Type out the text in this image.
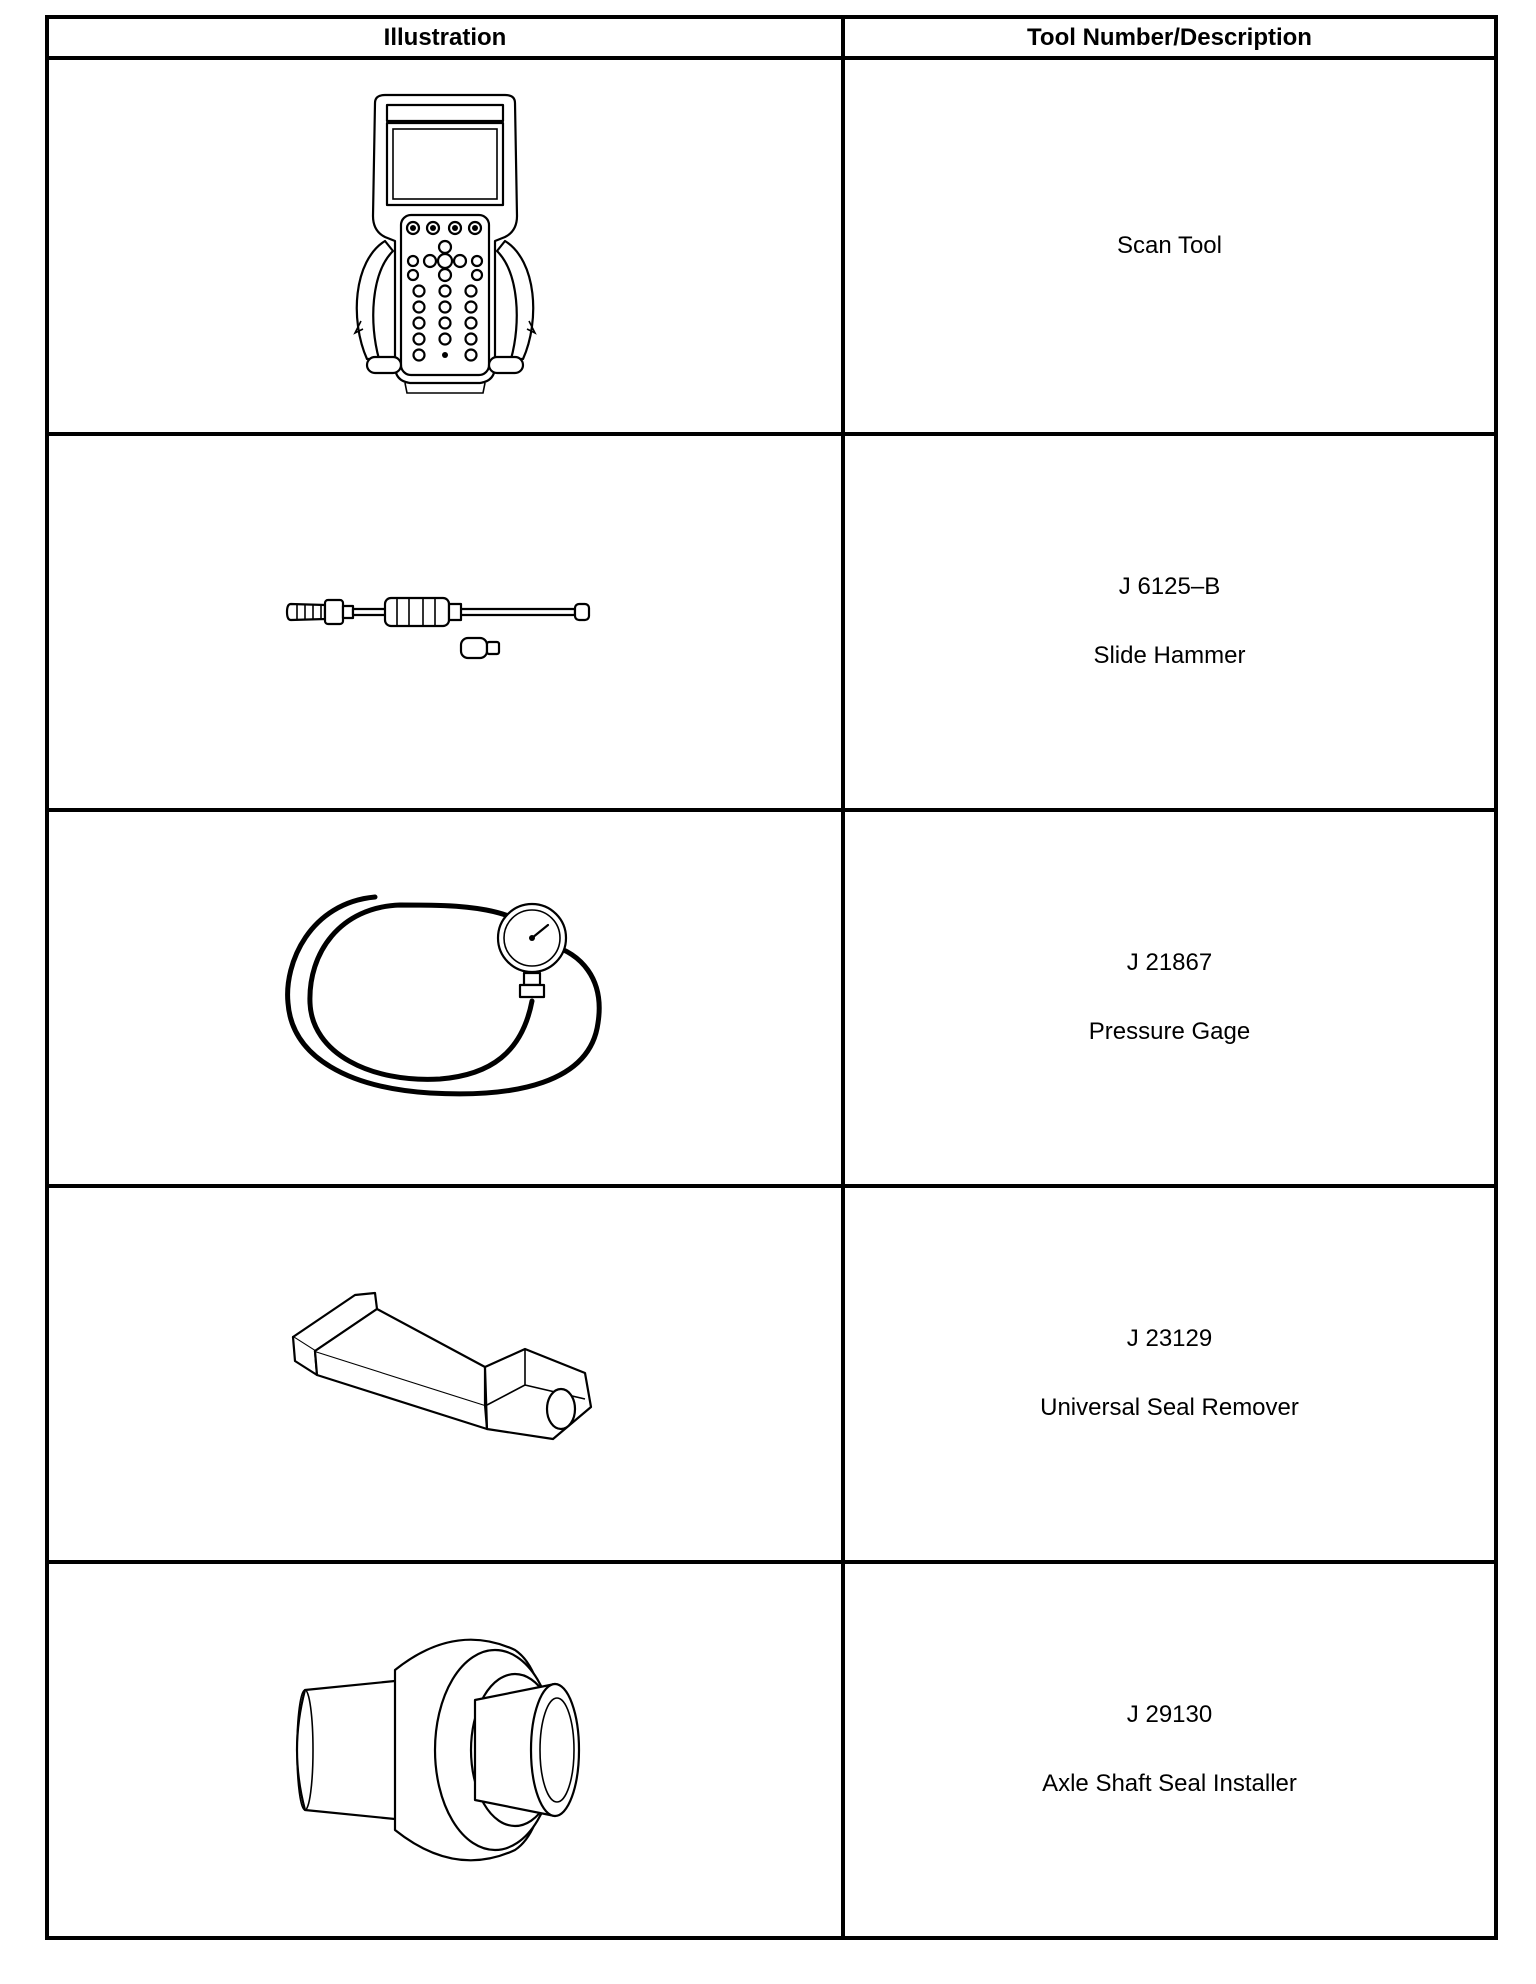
Illustration	Tool Number/Description

Scan Tool

J 6125–B
Slide Hammer

J 21867
Pressure Gage

J 23129
Universal Seal Remover

J 29130
Axle Shaft Seal Installer
